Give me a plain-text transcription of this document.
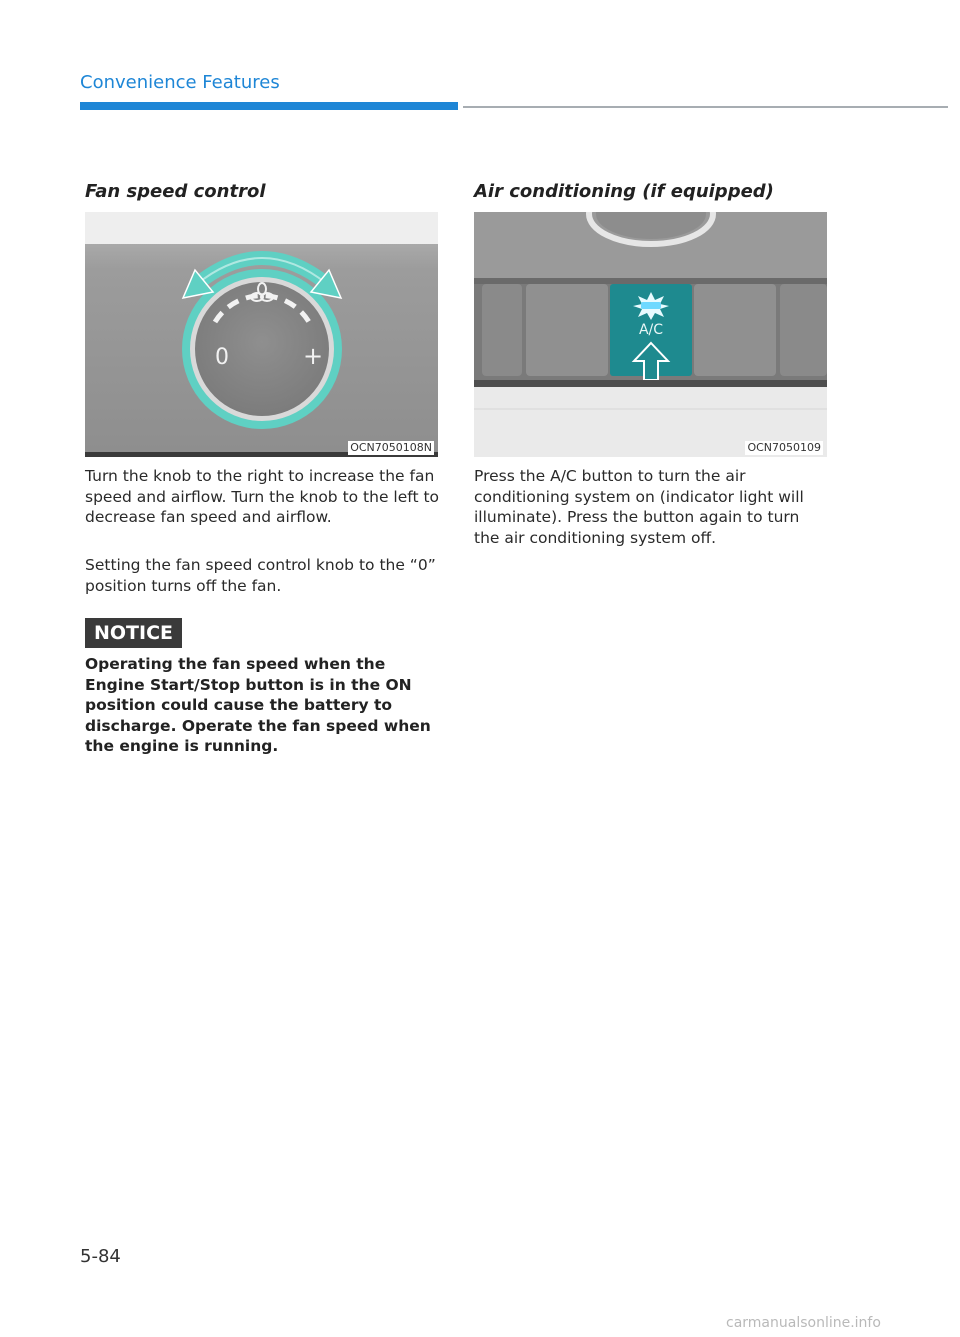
Convenience Features
Fan speed control
0	+
OCN7050108N

Turn the knob to the right to increase the fan speed and airflow. Turn the knob to the left to decrease fan speed and airflow.

Setting the fan speed control knob to the “0” position turns off the fan.

NOTICE

Operating the fan speed when the Engine Start/Stop button is in the ON position could cause the battery to discharge. Operate the fan speed when the engine is running.

Air conditioning (if equipped)
A/C
OCN7050109

Press the A/C button to turn the air conditioning system on (indicator light will illuminate). Press the button again to turn the air conditioning system off.

5-84
carmanualsonline.info
